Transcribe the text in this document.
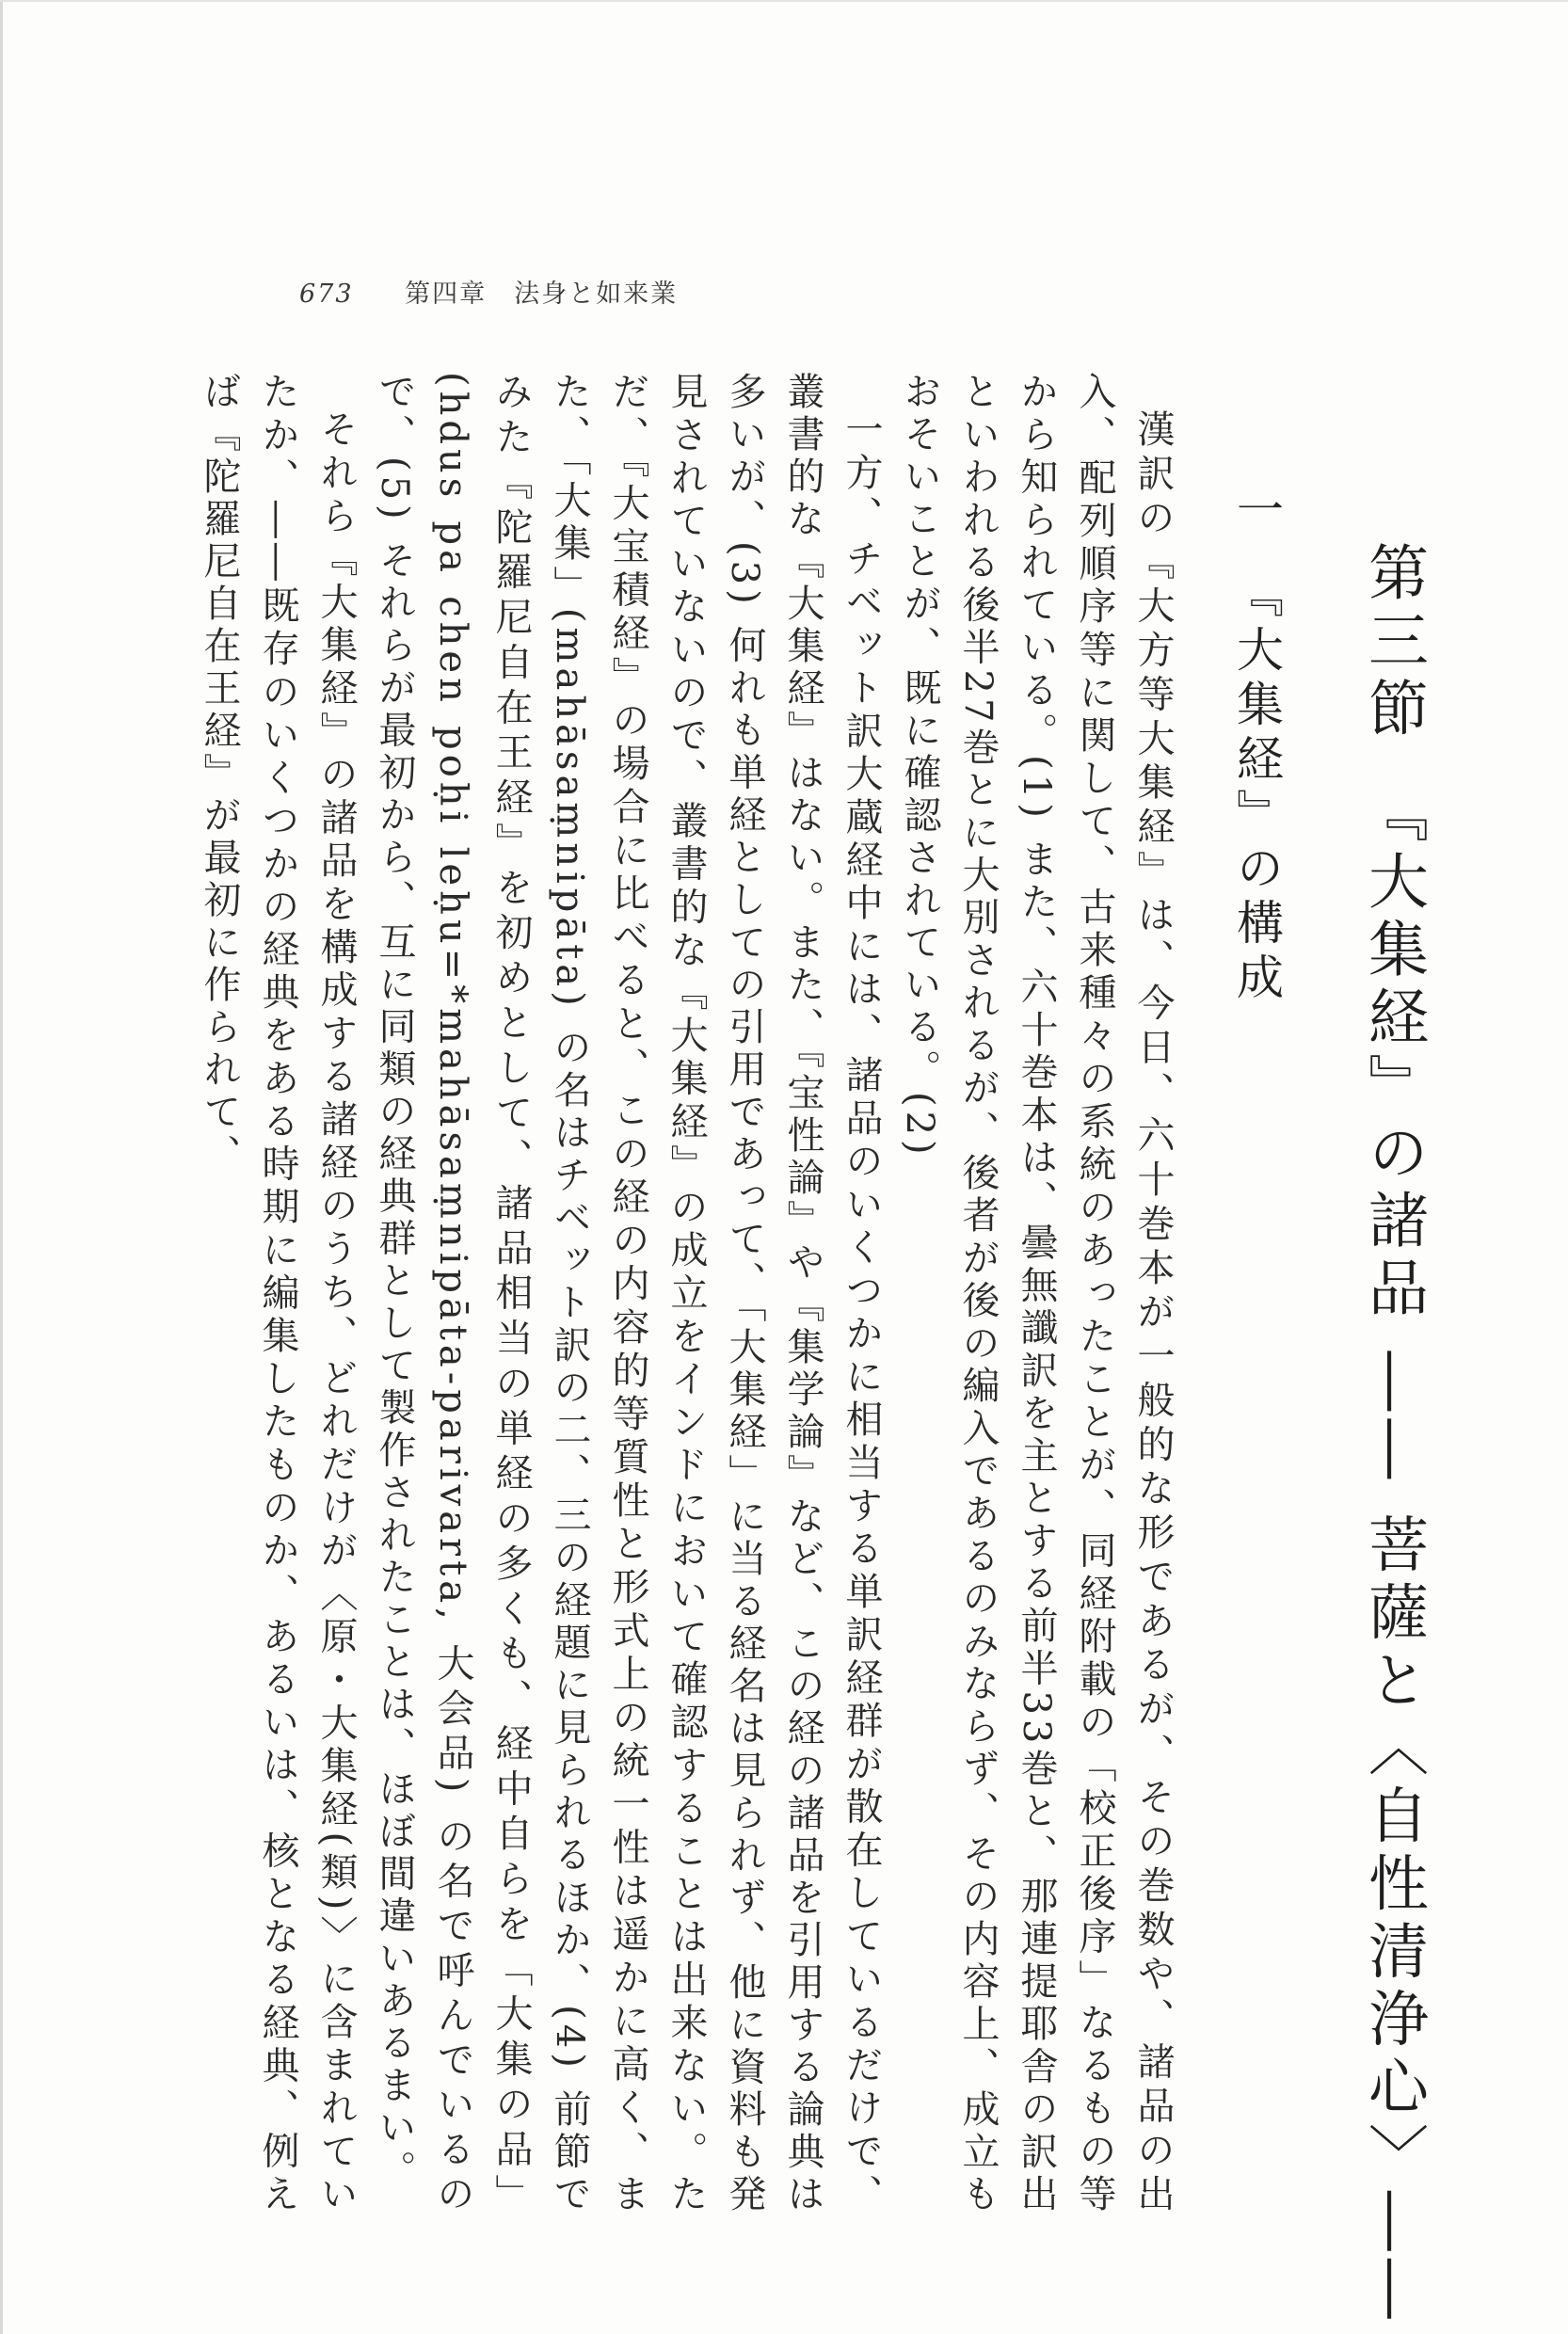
673 第四章　法身と如来業
第三節　『大集経』の諸品 ―― 菩薩と〈自性清浄心〉――
一　『大集経』の構成

漢訳の『大方等大集経』は、今日、六十巻本が一般的な形であるが、その巻数や、諸品の出入、配列順序等に関して、古来種々の系統のあったことが、同経附載の「校正後序」なるもの等から知られている。(1) また、六十巻本は、曇無讖訳を主とする前半33巻と、那連提耶舎の訳出といわれる後半27巻とに大別されるが、後者が後の編入であるのみならず、その内容上、成立もおそいことが、既に確認されている。(2)

一方、チベット訳大蔵経中には、諸品のいくつかに相当する単訳経群が散在しているだけで、叢書的な『大集経』はない。また、『宝性論』や『集学論』など、この経の諸品を引用する論典は多いが、(3) 何れも単経としての引用であって、「大集経」に当る経名は見られず、他に資料も発見されていないので、叢書的な『大集経』の成立をインドにおいて確認することは出来ない。ただ、『大宝積経』の場合に比べると、この経の内容的等質性と形式上の統一性は遥かに高く、また、「大集」(mahāsaṃnipāta) の名はチベット訳の二、三の経題に見られるほか、(4) 前節でみた『陀羅尼自在王経』を初めとして、諸品相当の単経の多くも、経中自らを「大集の品」(hdus pa chen poḥi leḥu=*mahāsaṃnipāta-parivarta, 大会品) の名で呼んでいるので、(5) それらが最初から、互に同類の経典群として製作されたことは、ほぼ間違いあるまい。

それら『大集経』の諸品を構成する諸経のうち、どれだけが〈原・大集経(類)〉に含まれていたか、――既存のいくつかの経典をある時期に編集したものか、あるいは、核となる経典、例えば『陀羅尼自在王経』が最初に作られて、
